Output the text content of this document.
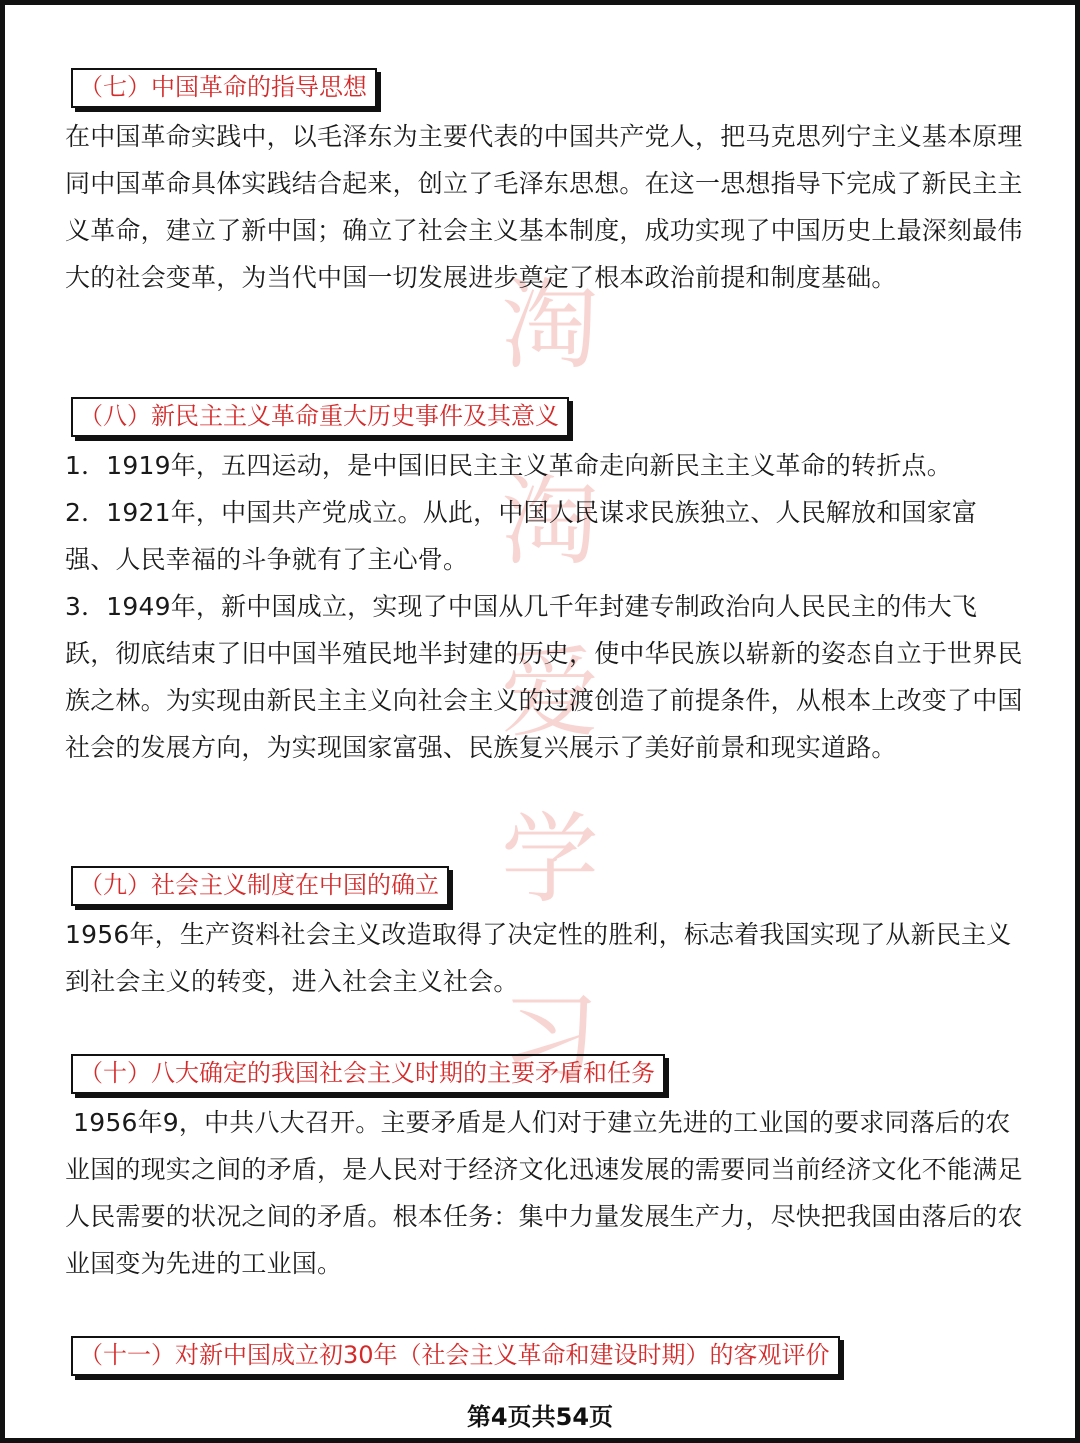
淘
淘
爱
学
习
（七）中国革命的指导思想

在中国革命实践中，以毛泽东为主要代表的中国共产党人，把马克思列宁主义基本原理同中国革命具体实践结合起来，创立了毛泽东思想。在这一思想指导下完成了新民主主义革命，建立了新中国；确立了社会主义基本制度，成功实现了中国历史上最深刻最伟大的社会变革，为当代中国一切发展进步奠定了根本政治前提和制度基础。

（八）新民主主义革命重大历史事件及其意义

1．1919年，五四运动，是中国旧民主主义革命走向新民主主义革命的转折点。

2．1921年，中国共产党成立。从此，中国人民谋求民族独立、人民解放和国家富强、人民幸福的斗争就有了主心骨。

3．1949年，新中国成立，实现了中国从几千年封建专制政治向人民民主的伟大飞跃，彻底结束了旧中国半殖民地半封建的历史，使中华民族以崭新的姿态自立于世界民族之林。为实现由新民主主义向社会主义的过渡创造了前提条件，从根本上改变了中国社会的发展方向，为实现国家富强、民族复兴展示了美好前景和现实道路。

（九）社会主义制度在中国的确立

1956年，生产资料社会主义改造取得了决定性的胜利，标志着我国实现了从新民主义到社会主义的转变，进入社会主义社会。

（十）八大确定的我国社会主义时期的主要矛盾和任务

1956年9，中共八大召开。主要矛盾是人们对于建立先进的工业国的要求同落后的农业国的现实之间的矛盾，是人民对于经济文化迅速发展的需要同当前经济文化不能满足人民需要的状况之间的矛盾。根本任务：集中力量发展生产力，尽快把我国由落后的农业国变为先进的工业国。

（十一）对新中国成立初30年（社会主义革命和建设时期）的客观评价
第4页共54页
